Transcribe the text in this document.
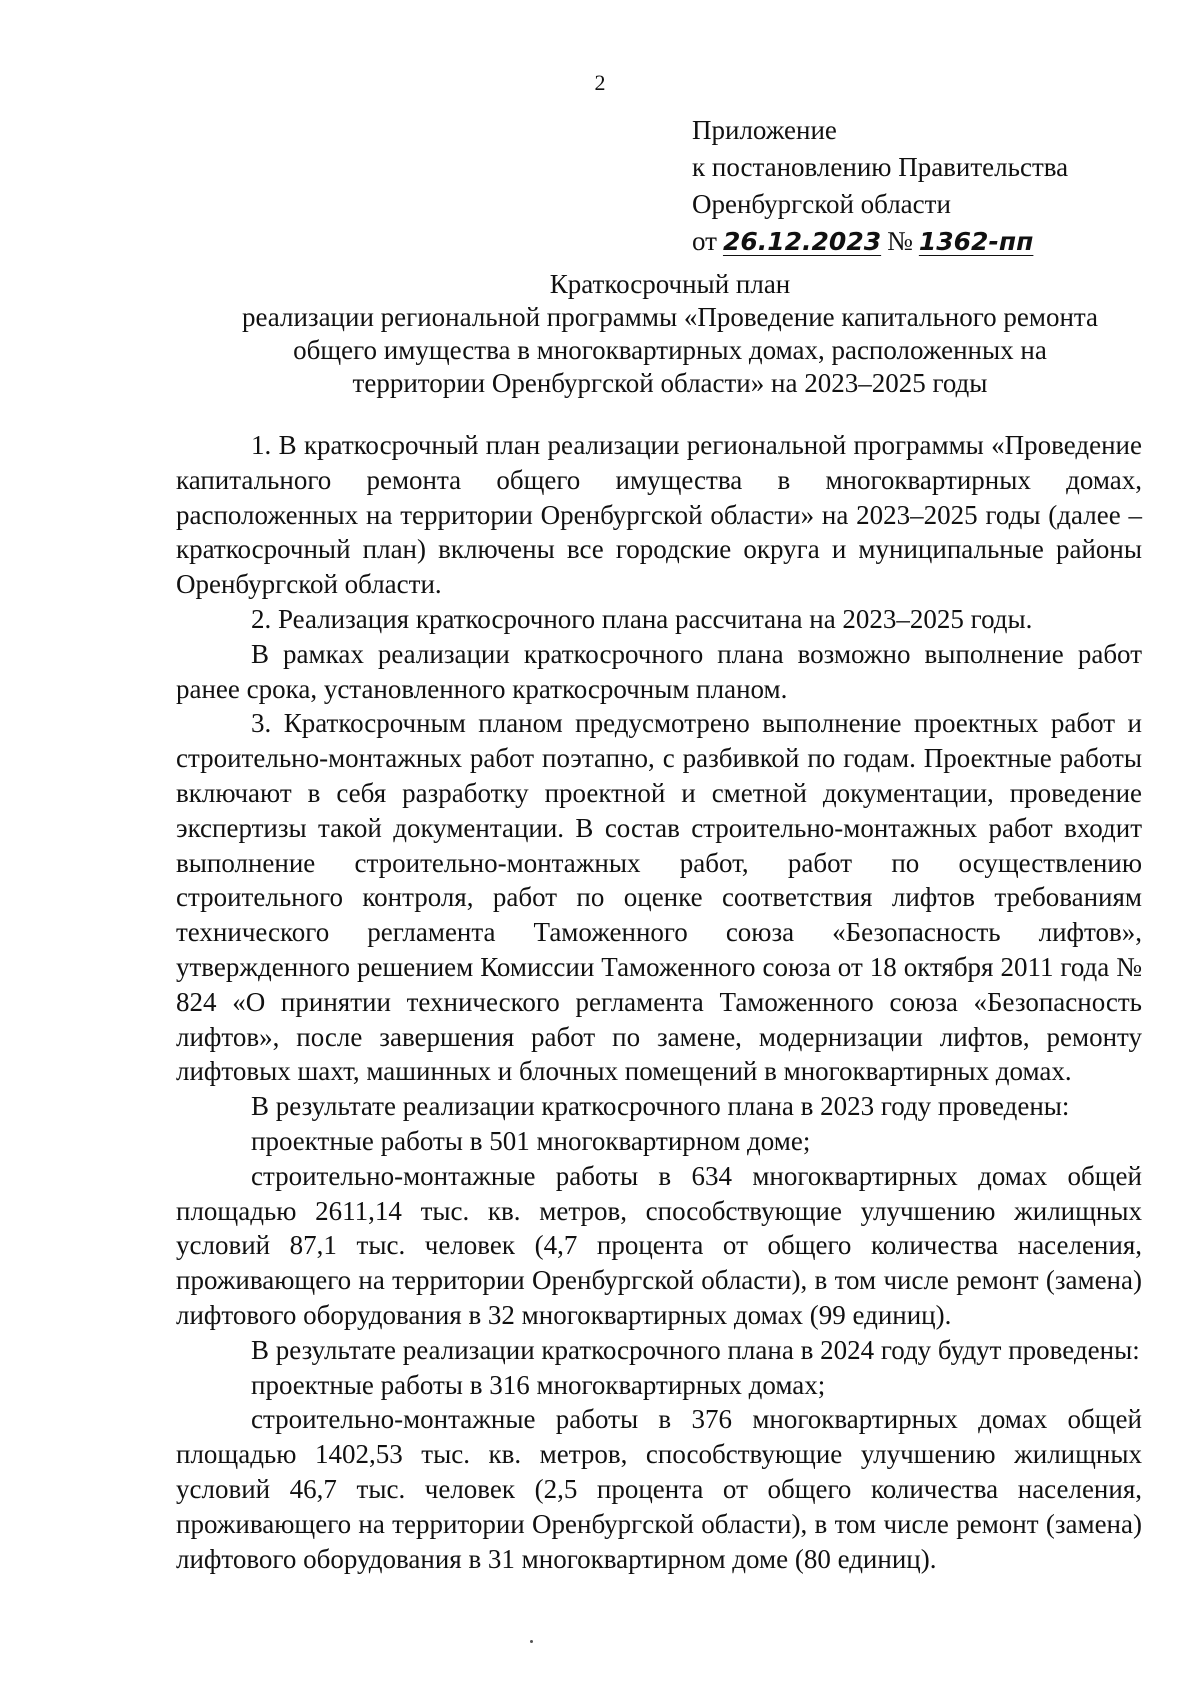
2
Приложение
к постановлению Правительства
Оренбургской области
от 26.12.2023 № 1362-пп
Краткосрочный план
реализации региональной программы «Проведение капитального ремонта
общего имущества в многоквартирных домах, расположенных на
территории Оренбургской области» на 2023–2025 годы

1. В краткосрочный план реализации региональной программы «Проведение капитального ремонта общего имущества в многоквартирных домах, расположенных на территории Оренбургской области» на 2023–2025 годы (далее – краткосрочный план) включены все городские округа и муниципальные районы Оренбургской области.

2. Реализация краткосрочного плана рассчитана на 2023–2025 годы.

В рамках реализации краткосрочного плана возможно выполнение работ ранее срока, установленного краткосрочным планом.

3. Краткосрочным планом предусмотрено выполнение проектных работ и строительно-монтажных работ поэтапно, с разбивкой по годам. Проектные работы включают в себя разработку проектной и сметной документации, проведение экспертизы такой документации. В состав строительно-монтажных работ входит выполнение строительно-монтажных работ, работ по осуществлению строительного контроля, работ по оценке соответствия лифтов требованиям технического регламента Таможенного союза «Безопасность лифтов», утвержденного решением Комиссии Таможенного союза от 18 октября 2011 года № 824 «О принятии технического регламента Таможенного союза «Безопасность лифтов», после завершения работ по замене, модернизации лифтов, ремонту лифтовых шахт, машинных и блочных помещений в многоквартирных домах.

В результате реализации краткосрочного плана в 2023 году проведены:

проектные работы в 501 многоквартирном доме;

строительно-монтажные работы в 634 многоквартирных домах общей площадью 2611,14 тыс. кв. метров, способствующие улучшению жилищных условий 87,1 тыс. человек (4,7 процента от общего количества населения, проживающего на территории Оренбургской области), в том числе ремонт (замена) лифтового оборудования в 32 многоквартирных домах (99 единиц).

В результате реализации краткосрочного плана в 2024 году будут проведены:

проектные работы в 316 многоквартирных домах;

строительно-монтажные работы в 376 многоквартирных домах общей площадью 1402,53 тыс. кв. метров, способствующие улучшению жилищных условий 46,7 тыс. человек (2,5 процента от общего количества населения, проживающего на территории Оренбургской области), в том числе ремонт (замена) лифтового оборудования в 31 многоквартирном доме (80 единиц).
